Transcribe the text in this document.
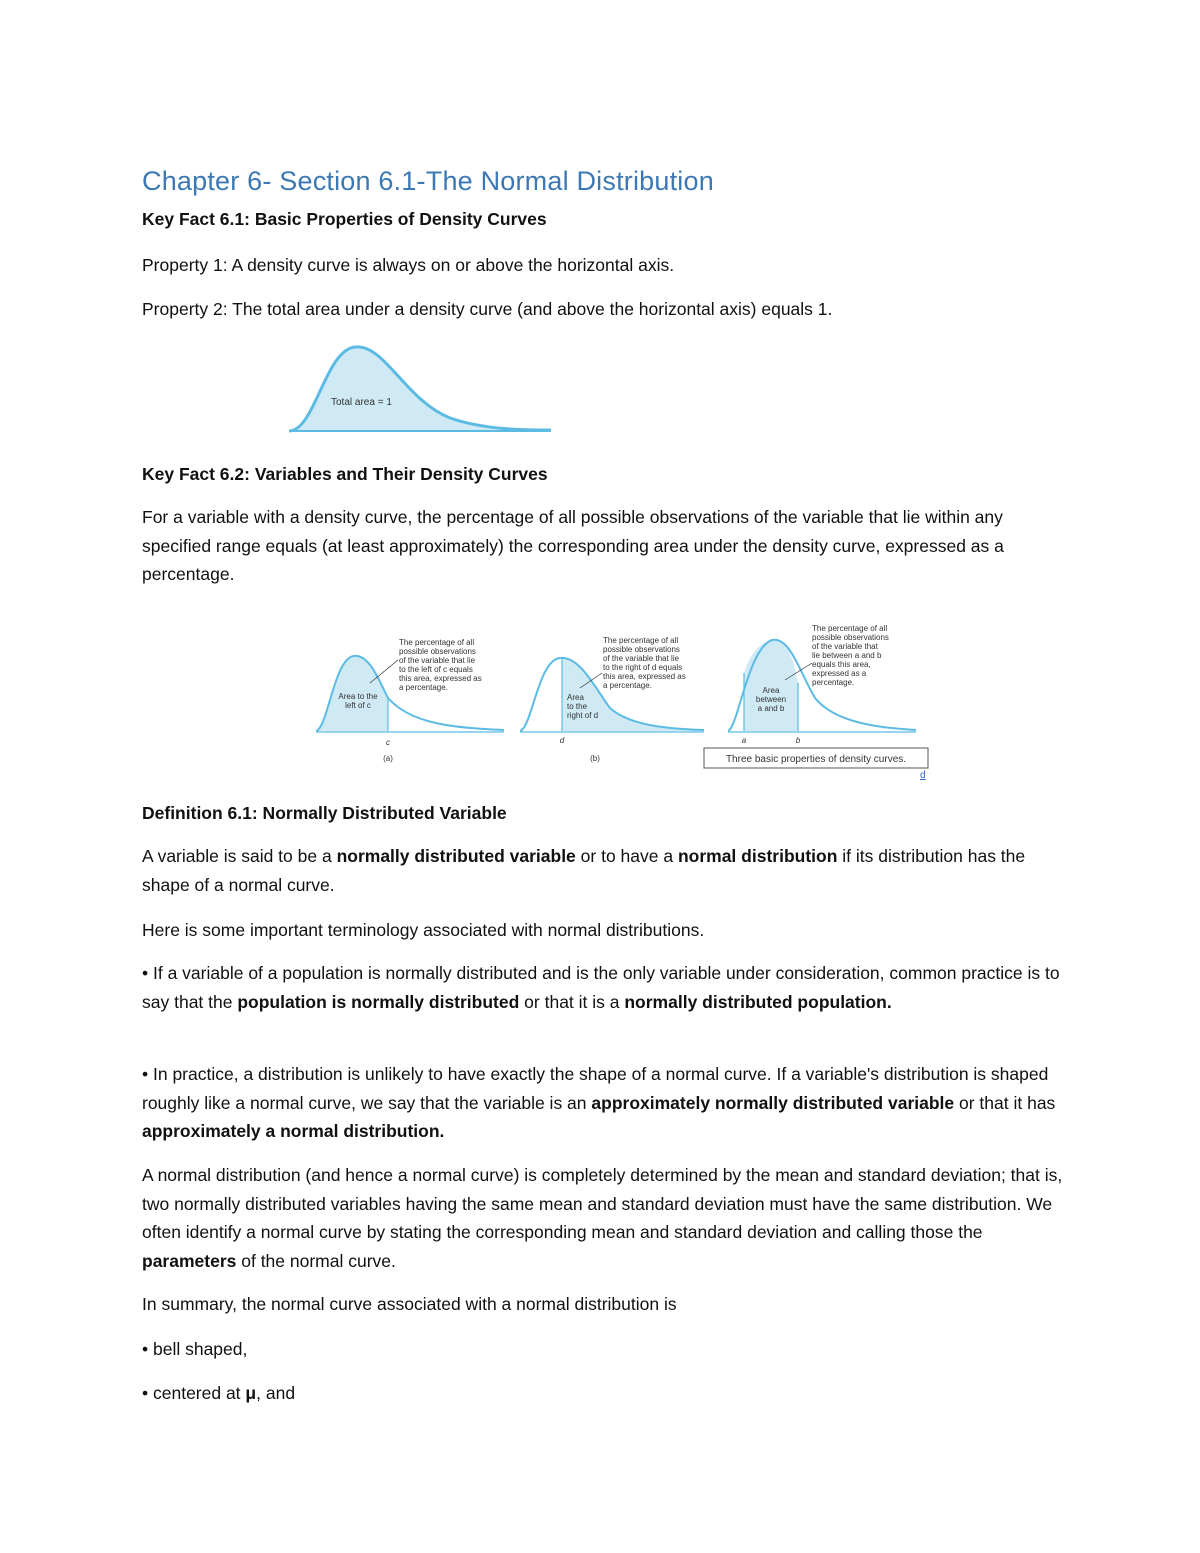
Chapter 6- Section 6.1-The Normal Distribution

Key Fact 6.1: Basic Properties of Density Curves

Property 1: A density curve is always on or above the horizontal axis.

Property 2: The total area under a density curve (and above the horizontal axis) equals 1.

Total area = 1

Key Fact 6.2: Variables and Their Density Curves

For a variable with a density curve, the percentage of all possible observations of the variable that lie within any specified range equals (at least approximately) the corresponding area under the density curve, expressed as a percentage.

The percentage of all
possible observations
of the variable that lie
to the left of c equals
this area, expressed as
a percentage.
Area to the
left of c
c
(a)
The percentage of all
possible observations
of the variable that lie
to the right of d equals
this area, expressed as
a percentage.
Area
to the
right of d
d
(b)
The percentage of all
possible observations
of the variable that
lie between a and b
equals this area,
expressed as a
percentage.
Area
between
a and b
a	b
Three basic properties of density curves.
d

Definition 6.1: Normally Distributed Variable

A variable is said to be a normally distributed variable or to have a normal distribution if its distribution has the shape of a normal curve.

Here is some important terminology associated with normal distributions.

• If a variable of a population is normally distributed and is the only variable under consideration, common practice is to say that the population is normally distributed or that it is a normally distributed population.

• In practice, a distribution is unlikely to have exactly the shape of a normal curve. If a variable's distribution is shaped roughly like a normal curve, we say that the variable is an approximately normally distributed variable or that it has approximately a normal distribution.

A normal distribution (and hence a normal curve) is completely determined by the mean and standard deviation; that is, two normally distributed variables having the same mean and standard deviation must have the same distribution. We often identify a normal curve by stating the corresponding mean and standard deviation and calling those the parameters of the normal curve.

In summary, the normal curve associated with a normal distribution is

• bell shaped,

• centered at μ, and
